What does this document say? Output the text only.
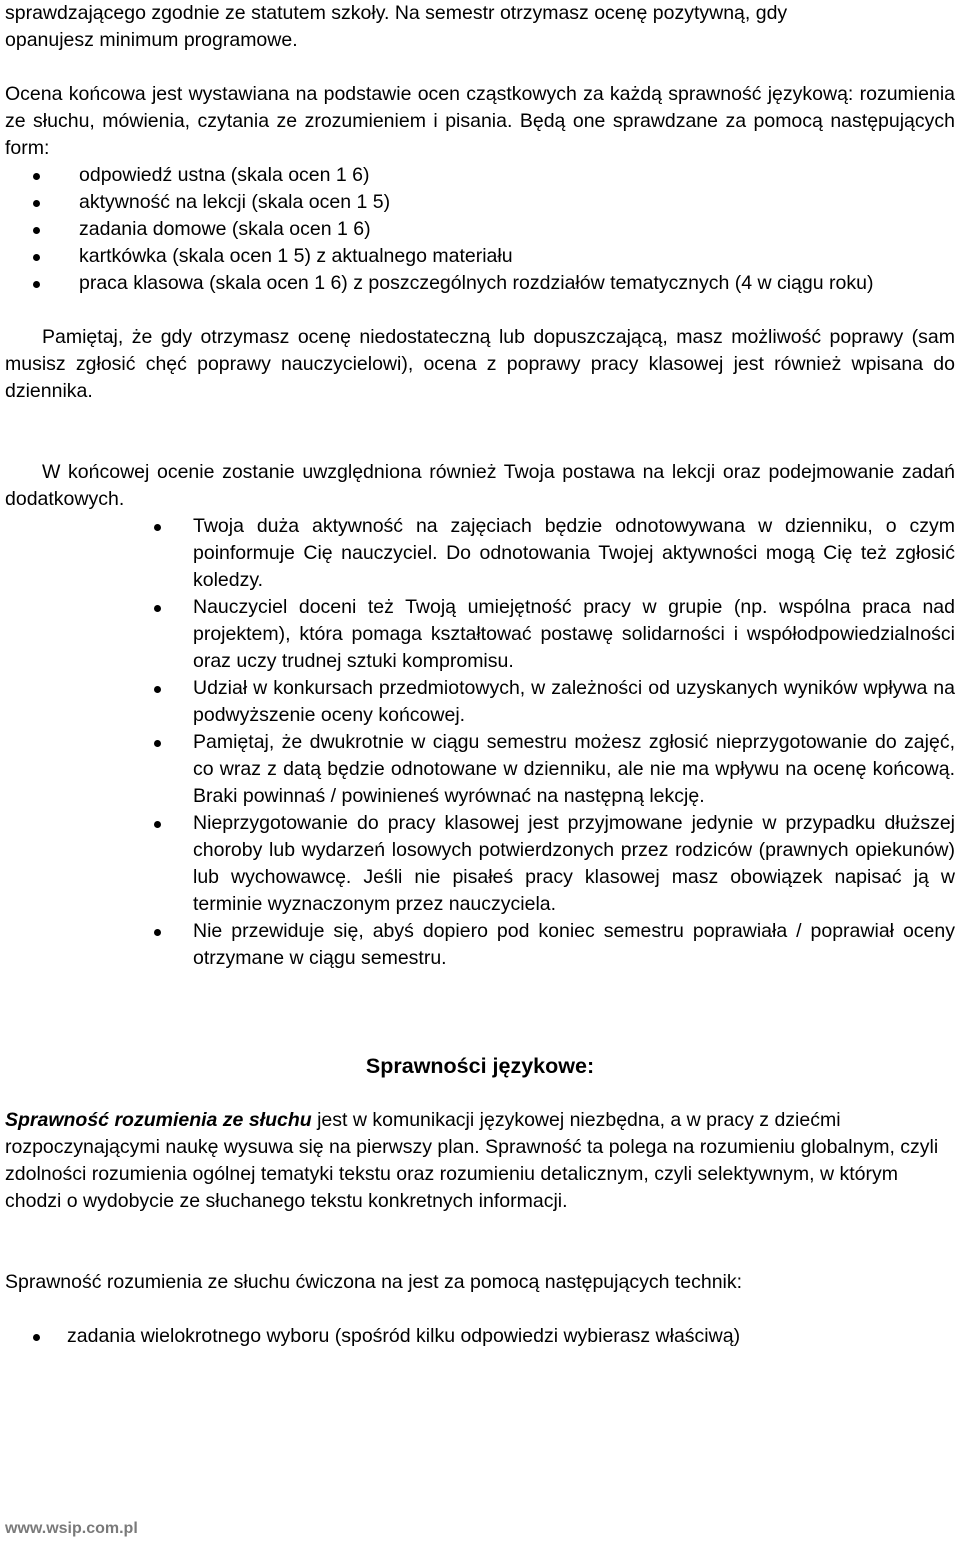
sprawdzającego zgodnie ze statutem szkoły. Na semestr otrzymasz ocenę pozytywną, gdy

opanujesz minimum programowe.

Ocena końcowa jest wystawiana na podstawie ocen cząstkowych za każdą sprawność językową: rozumienia ze słuchu, mówienia, czytania ze zrozumieniem i pisania. Będą one sprawdzane za pomocą następujących form:

odpowiedź ustna (skala ocen 1 6)
aktywność na lekcji (skala ocen 1 5)
zadania domowe (skala ocen 1 6)
kartkówka (skala ocen 1 5) z aktualnego materiału
praca klasowa (skala ocen 1 6) z poszczególnych rozdziałów tematycznych (4 w ciągu roku)

Pamiętaj, że gdy otrzymasz ocenę niedostateczną lub dopuszczającą, masz możliwość poprawy (sam musisz zgłosić chęć poprawy nauczycielowi), ocena z poprawy pracy klasowej jest również wpisana do dziennika.

W końcowej ocenie zostanie uwzględniona również Twoja postawa na lekcji oraz podejmowanie zadań dodatkowych.

Twoja duża aktywność na zajęciach będzie odnotowywana w dzienniku, o czym poinformuje Cię nauczyciel. Do odnotowania Twojej aktywności mogą Cię też zgłosić koledzy.
Nauczyciel doceni też Twoją umiejętność pracy w grupie (np. wspólna praca nad projektem), która pomaga kształtować postawę solidarności i współodpowiedzialności oraz uczy trudnej sztuki kompromisu.
Udział w konkursach przedmiotowych, w zależności od uzyskanych wyników wpływa na podwyższenie oceny końcowej.
Pamiętaj, że dwukrotnie w ciągu semestru możesz zgłosić nieprzygotowanie do zajęć, co wraz z datą będzie odnotowane w dzienniku, ale nie ma wpływu na ocenę końcową. Braki powinnaś / powinieneś wyrównać na następną lekcję.
Nieprzygotowanie do pracy klasowej jest przyjmowane jedynie w przypadku dłuższej choroby lub wydarzeń losowych potwierdzonych przez rodziców (prawnych opiekunów) lub wychowawcę. Jeśli nie pisałeś pracy klasowej masz obowiązek napisać ją w terminie wyznaczonym przez nauczyciela.
Nie przewiduje się, abyś dopiero pod koniec semestru poprawiała / poprawiał oceny otrzymane w ciągu semestru.

Sprawności językowe:

Sprawność rozumienia ze słuchu jest w komunikacji językowej niezbędna, a w pracy z dziećmi rozpoczynającymi naukę wysuwa się na pierwszy plan. Sprawność ta polega na rozumieniu globalnym, czyli zdolności rozumienia ogólnej tematyki tekstu oraz rozumieniu detalicznym, czyli selektywnym, w którym chodzi o wydobycie ze słuchanego tekstu konkretnych informacji.

Sprawność rozumienia ze słuchu ćwiczona na jest za pomocą następujących technik:

zadania wielokrotnego wyboru (spośród kilku odpowiedzi wybierasz właściwą)
www.wsip.com.pl
